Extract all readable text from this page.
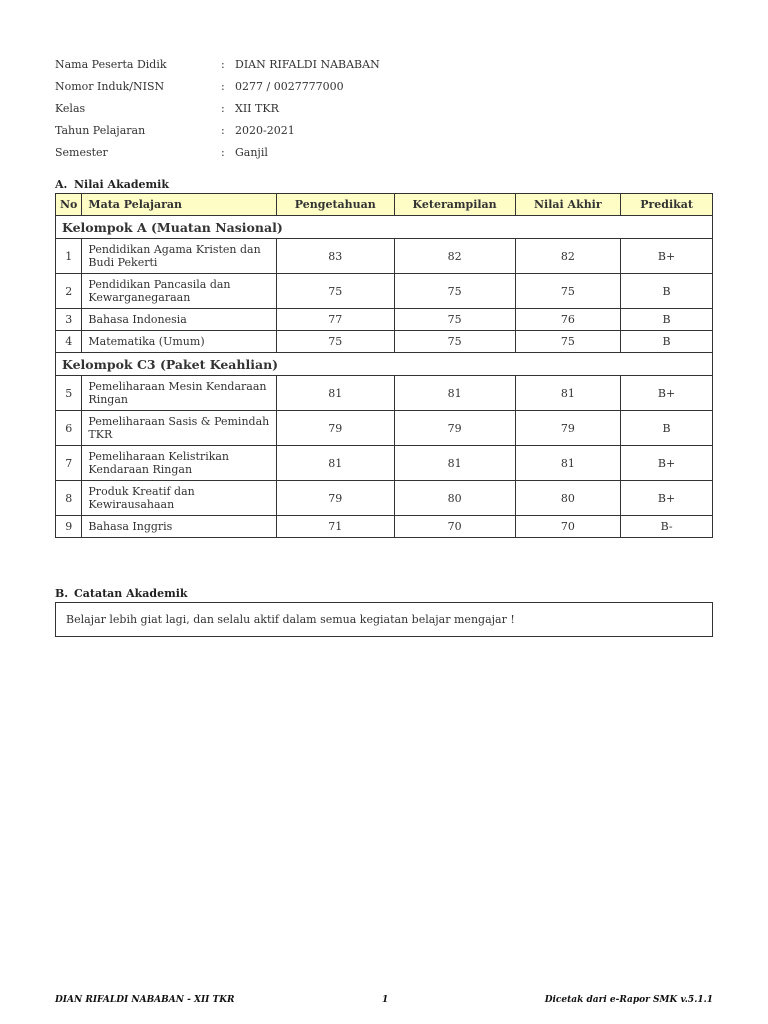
Nama Peserta Didik	: DIAN RIFALDI NABABAN
Nomor Induk/NISN	: 0277 / 0027777000
Kelas	: XII TKR
Tahun Pelajaran	: 2020-2021
Semester	: Ganjil
A. Nilai Akademik
No	Mata Pelajaran	Pengetahuan	Keterampilan	Nilai Akhir	Predikat
Kelompok A (Muatan Nasional)					
1	Pendidikan Agama Kristen dan Budi Pekerti	83	82	82	B+
2	Pendidikan Pancasila dan Kewarganegaraan	75	75	75	B
3	Bahasa Indonesia	77	75	76	B
4	Matematika (Umum)	75	75	75	B
Kelompok C3 (Paket Keahlian)					
5	Pemeliharaan Mesin Kendaraan Ringan	81	81	81	B+
6	Pemeliharaan Sasis & Pemindah TKR	79	79	79	B
7	Pemeliharaan Kelistrikan Kendaraan Ringan	81	81	81	B+
8	Produk Kreatif dan Kewirausahaan	79	80	80	B+
9	Bahasa Inggris	71	70	70	B-
B. Catatan Akademik
Belajar lebih giat lagi, dan selalu aktif dalam semua kegiatan belajar mengajar !
DIAN RIFALDI NABABAN - XII TKR	1	Dicetak dari e-Rapor SMK v.5.1.1
